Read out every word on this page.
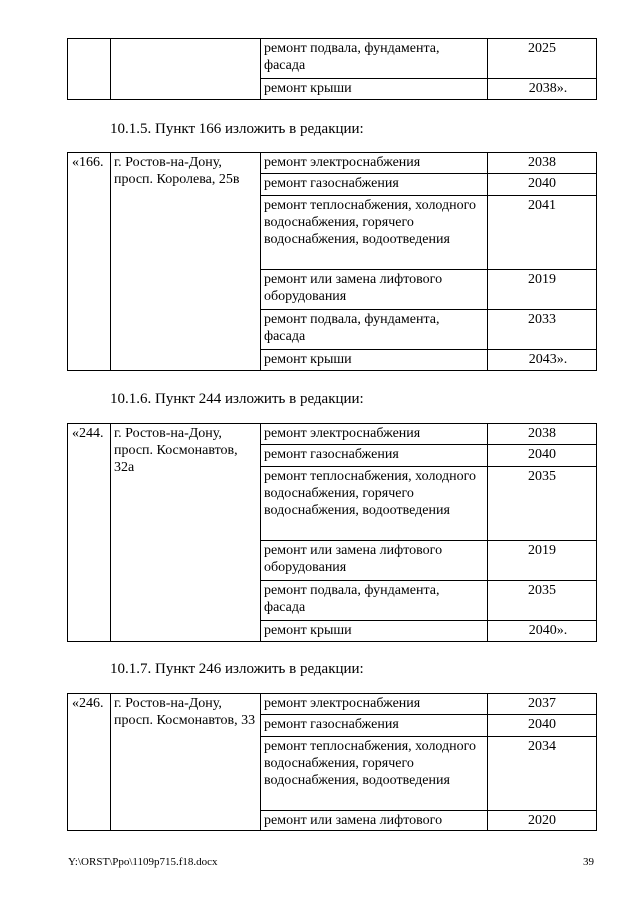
		ремонт подвала, фундамента, фасада	2025
		ремонт крыши	2038».
10.1.5. Пункт 166 изложить в редакции:
«166.	г. Ростов-на-Дону, просп. Королева, 25в	ремонт электроснабжения	2038
		ремонт газоснабжения	2040
		ремонт теплоснабжения, холодного водоснабжения, горячего водоснабжения, водоотведения	2041
		ремонт или замена лифтового оборудования	2019
		ремонт подвала, фундамента, фасада	2033
		ремонт крыши	2043».
10.1.6. Пункт 244 изложить в редакции:
«244.	г. Ростов-на-Дону, просп. Космонавтов, 32а	ремонт электроснабжения	2038
		ремонт газоснабжения	2040
		ремонт теплоснабжения, холодного водоснабжения, горячего водоснабжения, водоотведения	2035
		ремонт или замена лифтового оборудования	2019
		ремонт подвала, фундамента, фасада	2035
		ремонт крыши	2040».
10.1.7. Пункт 246 изложить в редакции:
«246.	г. Ростов-на-Дону, просп. Космонавтов, 33	ремонт электроснабжения	2037
		ремонт газоснабжения	2040
		ремонт теплоснабжения, холодного водоснабжения, горячего водоснабжения, водоотведения	2034
		ремонт или замена лифтового	2020
Y:\ORST\Ppo\1109p715.f18.docx	39
